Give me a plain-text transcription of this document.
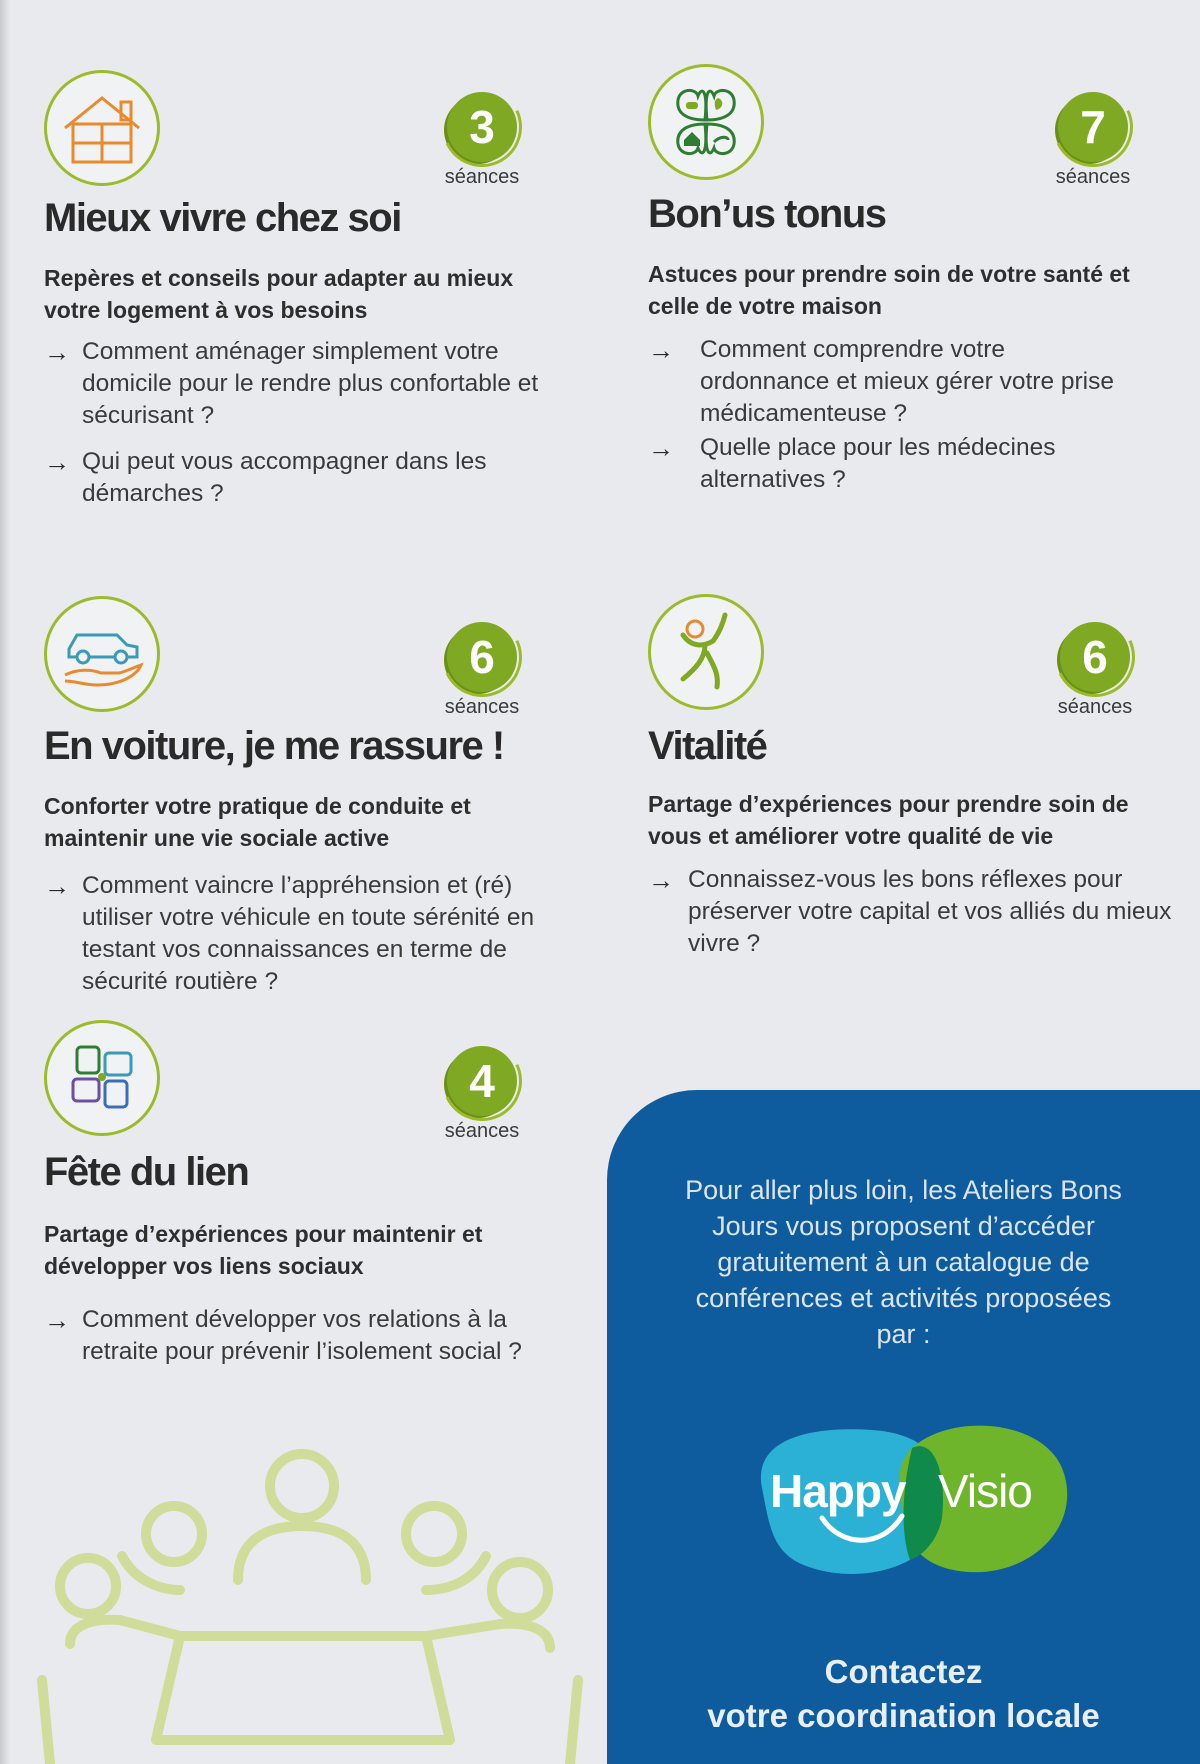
3
séances
Mieux vivre chez soi
Repères et conseils pour adapter au mieux votre logement à vos besoins
→ Comment aménager simplement votre domicile pour le rendre plus confortable et sécurisant ?
→ Qui peut vous accompagner dans les démarches ?
7
séances
Bon’us tonus
Astuces pour prendre soin de votre santé et celle de votre maison
→ Comment comprendre votre ordonnance et mieux gérer votre prise médicamenteuse ?
→ Quelle place pour les médecines alternatives ?
6
séances
En voiture, je me rassure !
Conforter votre pratique de conduite et maintenir une vie sociale active
→ Comment vaincre l’appréhension et (ré) utiliser votre véhicule en toute sérénité en testant vos connaissances en terme de sécurité routière ?
6
séances
Vitalité
Partage d’expériences pour prendre soin de vous et améliorer votre qualité de vie
→ Connaissez-vous les bons réflexes pour préserver votre capital et vos alliés du mieux vivre ?
4
séances
Fête du lien
Partage d’expériences pour maintenir et développer vos liens sociaux
→ Comment développer vos relations à la retraite pour prévenir l’isolement social ?
Pour aller plus loin, les Ateliers Bons Jours vous proposent d’accéder gratuitement à un catalogue de conférences et activités proposées par :
Happy Visio
Contactez
votre coordination locale
